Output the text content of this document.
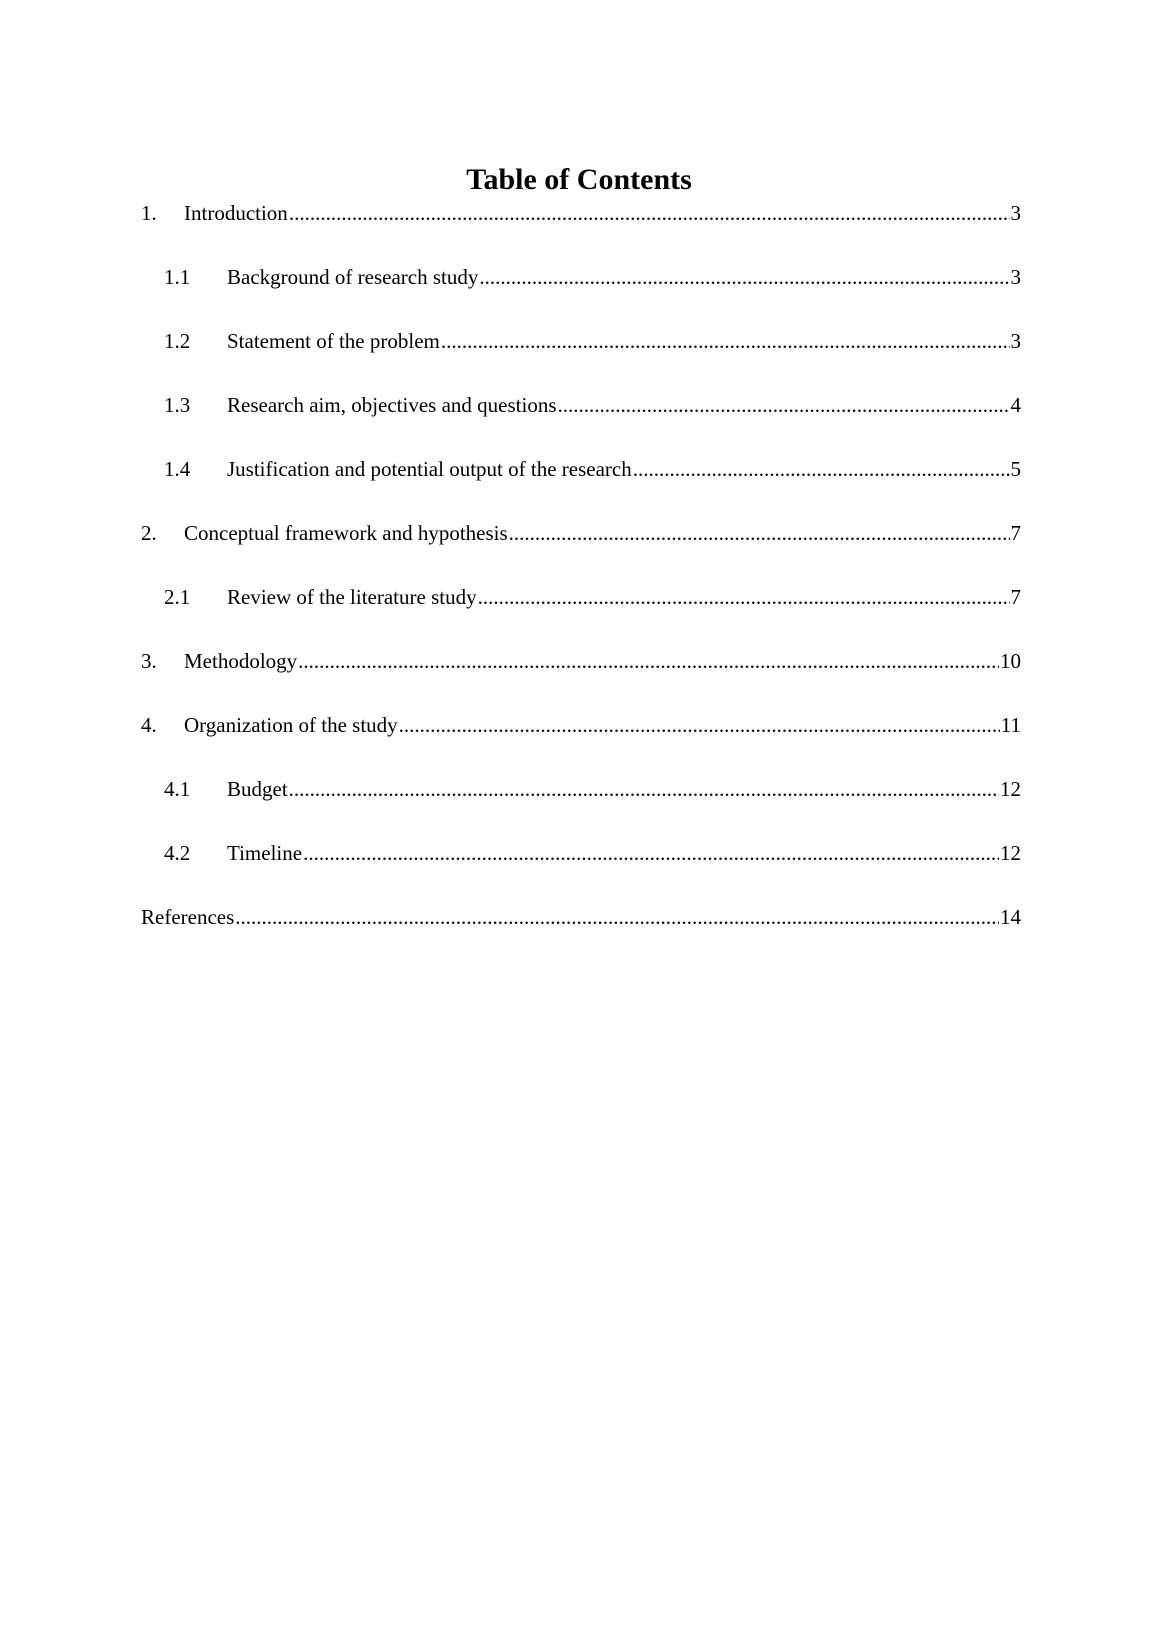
Table of Contents
1.	Introduction .....	3
1.1	Background of research study .....	3
1.2	Statement of the problem .....	3
1.3	Research aim, objectives and questions .....	4
1.4	Justification and potential output of the research .....	5
2.	Conceptual framework and hypothesis .....	7
2.1	Review of the literature study .....	7
3.	Methodology .....	10
4.	Organization of the study .....	11
4.1	Budget .....	12
4.2	Timeline .....	12
References .....	14
